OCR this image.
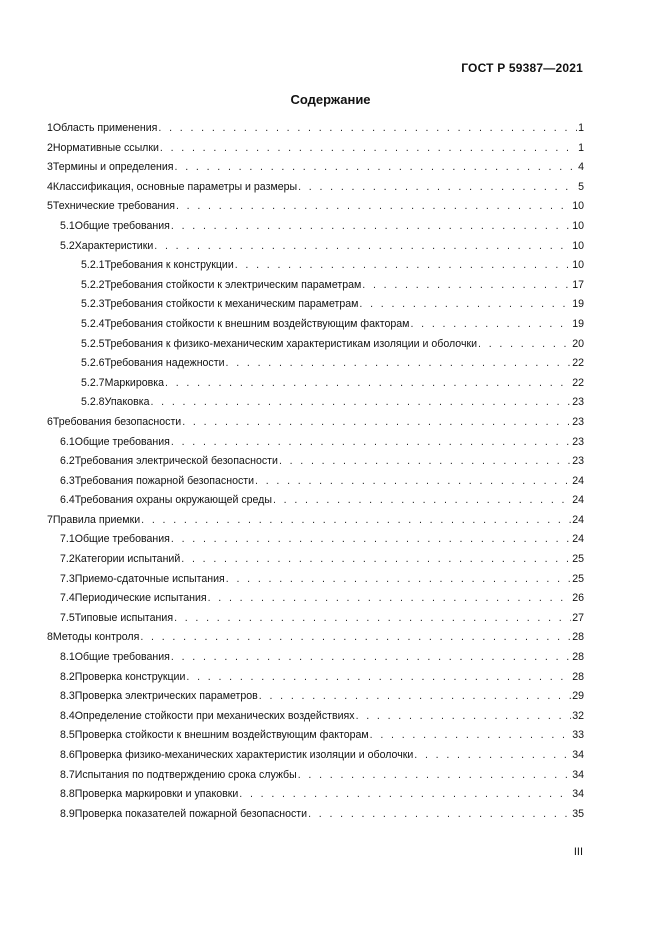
ГОСТ Р 59387—2021
Содержание
1 Область применения . . .	1
2 Нормативные ссылки . . .	1
3 Термины и определения . . .	4
4 Классификация, основные параметры и размеры . . .	5
5 Технические требования . . .	10
5.1 Общие требования . . .	10
5.2 Характеристики . . .	10
5.2.1 Требования к конструкции . . .	10
5.2.2 Требования стойкости к электрическим параметрам . . .	17
5.2.3 Требования стойкости к механическим параметрам . . .	19
5.2.4 Требования стойкости к внешним воздействующим факторам . . .	19
5.2.5 Требования к физико-механическим характеристикам изоляции и оболочки . . .	20
5.2.6 Требования надежности . . .	22
5.2.7 Маркировка . . .	22
5.2.8 Упаковка . . .	23
6 Требования безопасности . . .	23
6.1 Общие требования . . .	23
6.2 Требования электрической безопасности . . .	23
6.3 Требования пожарной безопасности . . .	24
6.4 Требования охраны окружающей среды . . .	24
7 Правила приемки . . .	24
7.1 Общие требования . . .	24
7.2 Категории испытаний . . .	25
7.3 Приемо-сдаточные испытания . . .	25
7.4 Периодические испытания . . .	26
7.5 Типовые испытания . . .	27
8 Методы контроля . . .	28
8.1 Общие требования . . .	28
8.2 Проверка конструкции . . .	28
8.3 Проверка электрических параметров . . .	29
8.4 Определение стойкости при механических воздействиях . . .	32
8.5 Проверка стойкости к внешним воздействующим факторам . . .	33
8.6 Проверка физико-механических характеристик изоляции и оболочки . . .	34
8.7 Испытания по подтверждению срока службы . . .	34
8.8 Проверка маркировки и упаковки . . .	34
8.9 Проверка показателей пожарной безопасности . . .	35
III
